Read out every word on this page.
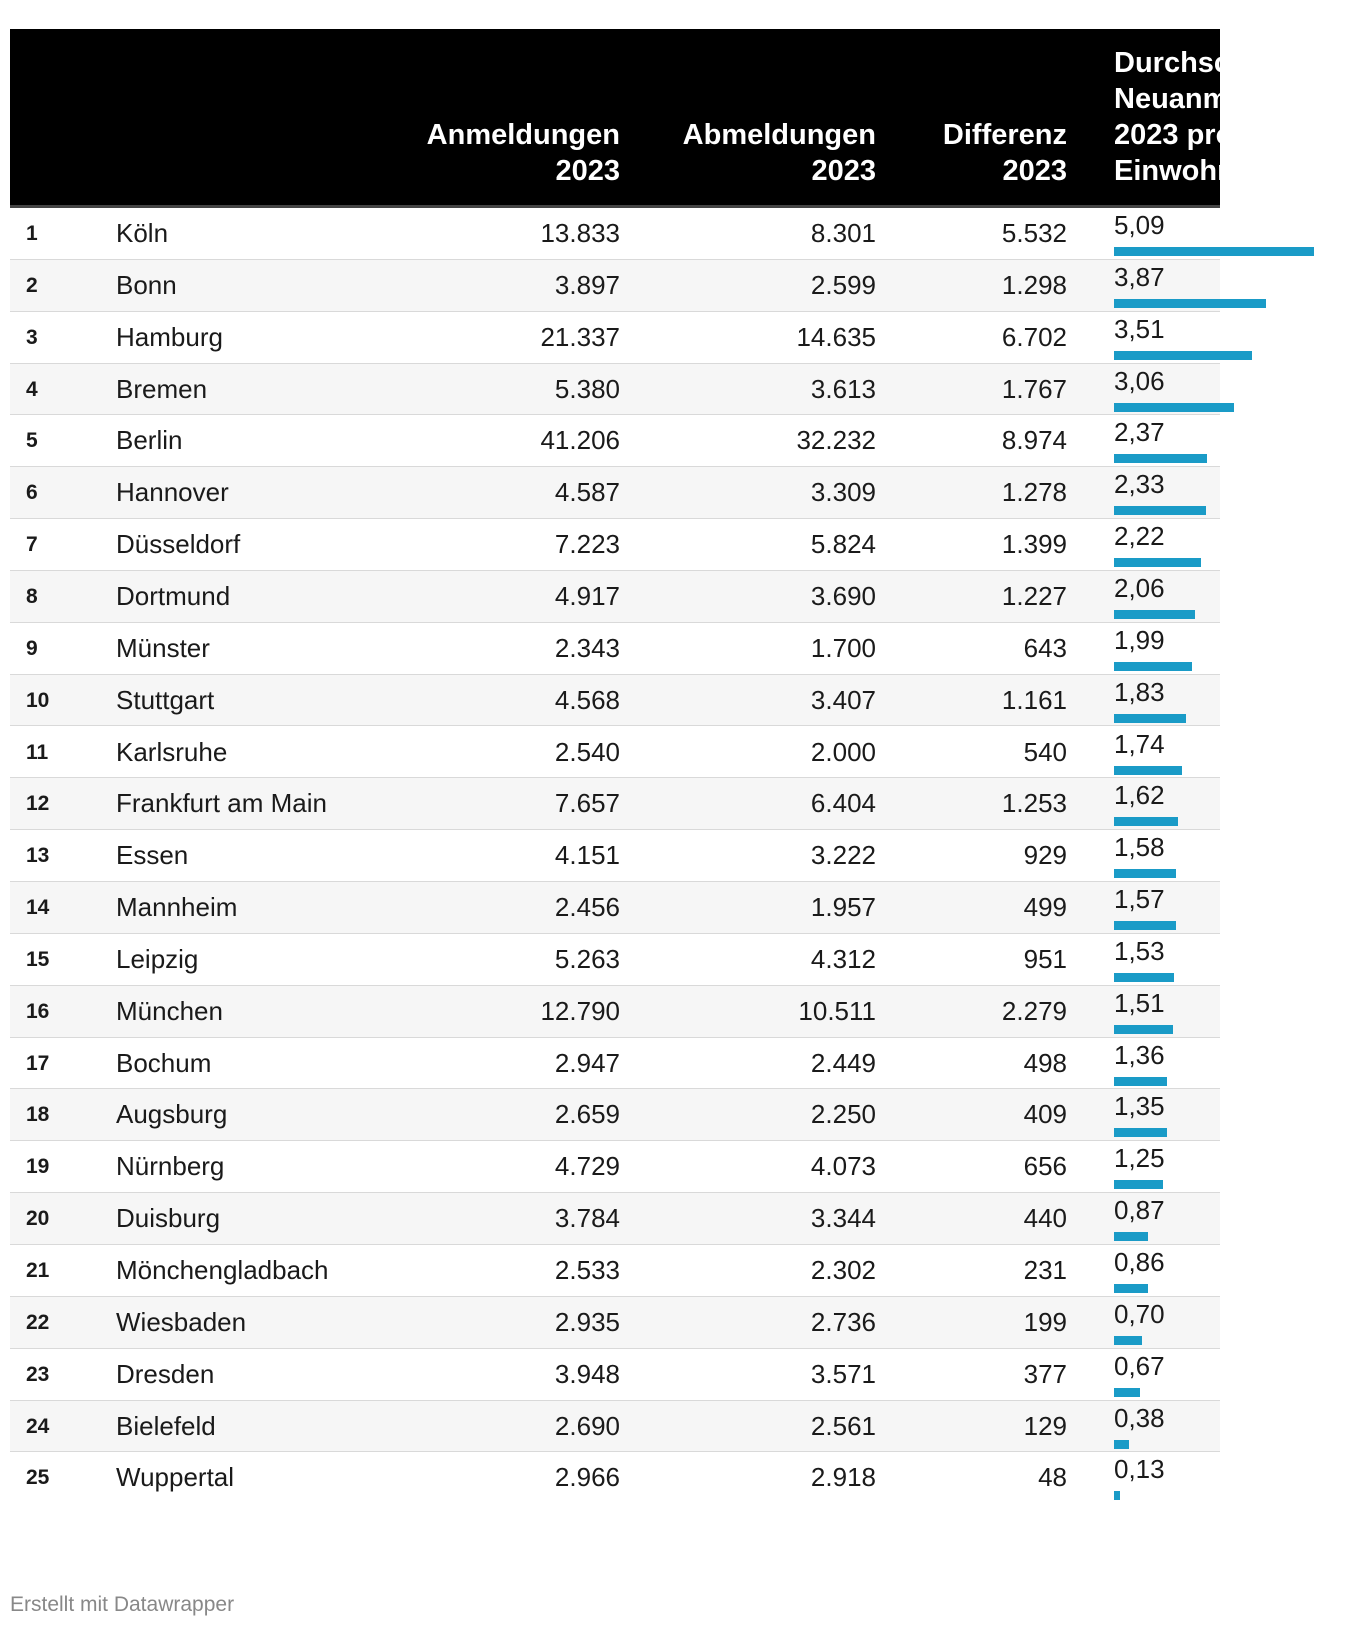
Anmeldungen
2023
Abmeldungen
2023
Differenz
2023
Durchschnittliche
Neuanmeldungen
2023 pro 1.000
Einwohner
1	Köln	13.833	8.301	5.532 5,09
2	Bonn	3.897	2.599	1.298 3,87
3	Hamburg	21.337	14.635	6.702 3,51
4	Bremen	5.380	3.613	1.767 3,06
5	Berlin	41.206	32.232	8.974 2,37
6	Hannover	4.587	3.309	1.278 2,33
7	Düsseldorf	7.223	5.824	1.399 2,22
8	Dortmund	4.917	3.690	1.227 2,06
9	Münster	2.343	1.700	643 1,99
10	Stuttgart	4.568	3.407	1.161 1,83
11	Karlsruhe	2.540	2.000	540 1,74
12	Frankfurt am Main	7.657	6.404	1.253 1,62
13	Essen	4.151	3.222	929 1,58
14	Mannheim	2.456	1.957	499 1,57
15	Leipzig	5.263	4.312	951 1,53
16	München	12.790	10.511	2.279 1,51
17	Bochum	2.947	2.449	498 1,36
18	Augsburg	2.659	2.250	409 1,35
19	Nürnberg	4.729	4.073	656 1,25
20	Duisburg	3.784	3.344	440 0,87
21	Mönchengladbach	2.533	2.302	231 0,86
22	Wiesbaden	2.935	2.736	199 0,70
23	Dresden	3.948	3.571	377 0,67
24	Bielefeld	2.690	2.561	129 0,38
25	Wuppertal	2.966	2.918	48 0,13
Erstellt mit Datawrapper
